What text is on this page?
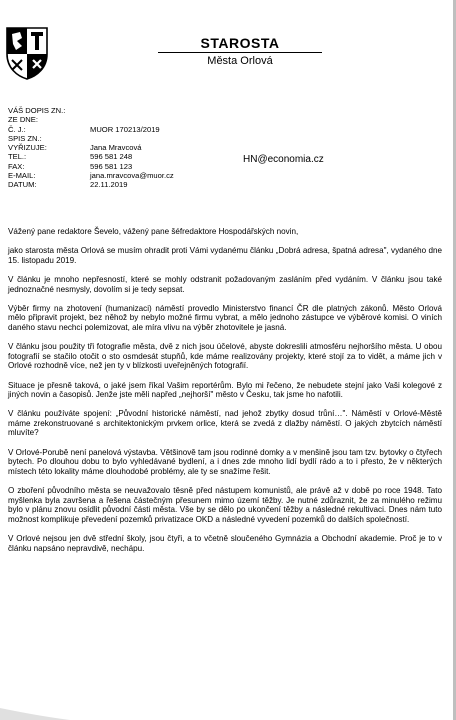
STAROSTA
Města Orlová
VÁŠ DOPIS ZN.:
ZE DNE:
Č. J.:	MUOR 170213/2019
SPIS ZN.:
VYŘIZUJE:	Jana Mravcová
TEL.:	596 581 248
FAX:	596 581 123
E-MAIL:	jana.mravcova@muor.cz
DATUM:	22.11.2019
HN@economia.cz

Vážený pane redaktore Ševelo, vážený pane šéfredaktore Hospodářských novin,

jako starosta města Orlová se musím ohradit proti Vámi vydanému článku „Dobrá adresa, špatná adresa", vydaného dne 15. listopadu 2019.

V článku je mnoho nepřesností, které se mohly odstranit požadovaným zasláním před vydáním. V článku jsou také jednoznačné nesmysly, dovolím si je tedy sepsat.

Výběr firmy na zhotovení (humanizaci) náměstí provedlo Ministerstvo financí ČR dle platných zákonů. Město Orlová mělo připravit projekt, bez něhož by nebylo možné firmu vybrat, a mělo jednoho zástupce ve výběrové komisi. O viních daného stavu nechci polemizovat, ale míra vlivu na výběr zhotovitele je jasná.

V článku jsou použity tři fotografie města, dvě z nich jsou účelové, abyste dokreslili atmosféru nejhoršího města. U obou fotografií se stačilo otočit o sto osmdesát stupňů, kde máme realizovány projekty, které stojí za to vidět, a máme jich v Orlové rozhodně více, než jen ty v blízkosti uveřejněných fotografií.

Situace je přesně taková, o jaké jsem říkal Vašim reportérům. Bylo mi řečeno, že nebudete stejní jako Vaši kolegové z jiných novin a časopisů. Jenže jste měli napřed „nejhorší" město v Česku, tak jsme ho nafotili.

V článku používáte spojení: „Původní historické náměstí, nad jehož zbytky dosud trůní…". Náměstí v Orlové-Městě máme zrekonstruované s architektonickým prvkem orlice, která se zvedá z dlažby náměstí. O jakých zbytcích náměstí mluvíte?

V Orlové-Porubě není panelová výstavba. Většinově tam jsou rodinné domky a v menšině jsou tam tzv. bytovky o čtyřech bytech. Po dlouhou dobu to bylo vyhledávané bydlení, a i dnes zde mnoho lidí bydlí rádo a to i přesto, že v některých místech této lokality máme dlouhodobé problémy, ale ty se snažíme řešit.

O zboření původního města se neuvažovalo těsně před nástupem komunistů, ale právě až v době po roce 1948. Tato myšlenka byla završena a řešena částečným přesunem mimo území těžby. Je nutné zdůraznit, že za minulého režimu bylo v plánu znovu osídlit původní části města. Vše by se dělo po ukončení těžby a následné rekultivaci. Dnes nám tuto možnost komplikuje převedení pozemků privatizace OKD a následné vyvedení pozemků do dalších společností.

V Orlové nejsou jen dvě střední školy, jsou čtyři, a to včetně sloučeného Gymnázia a Obchodní akademie. Proč je to v článku napsáno nepravdivě, nechápu.
